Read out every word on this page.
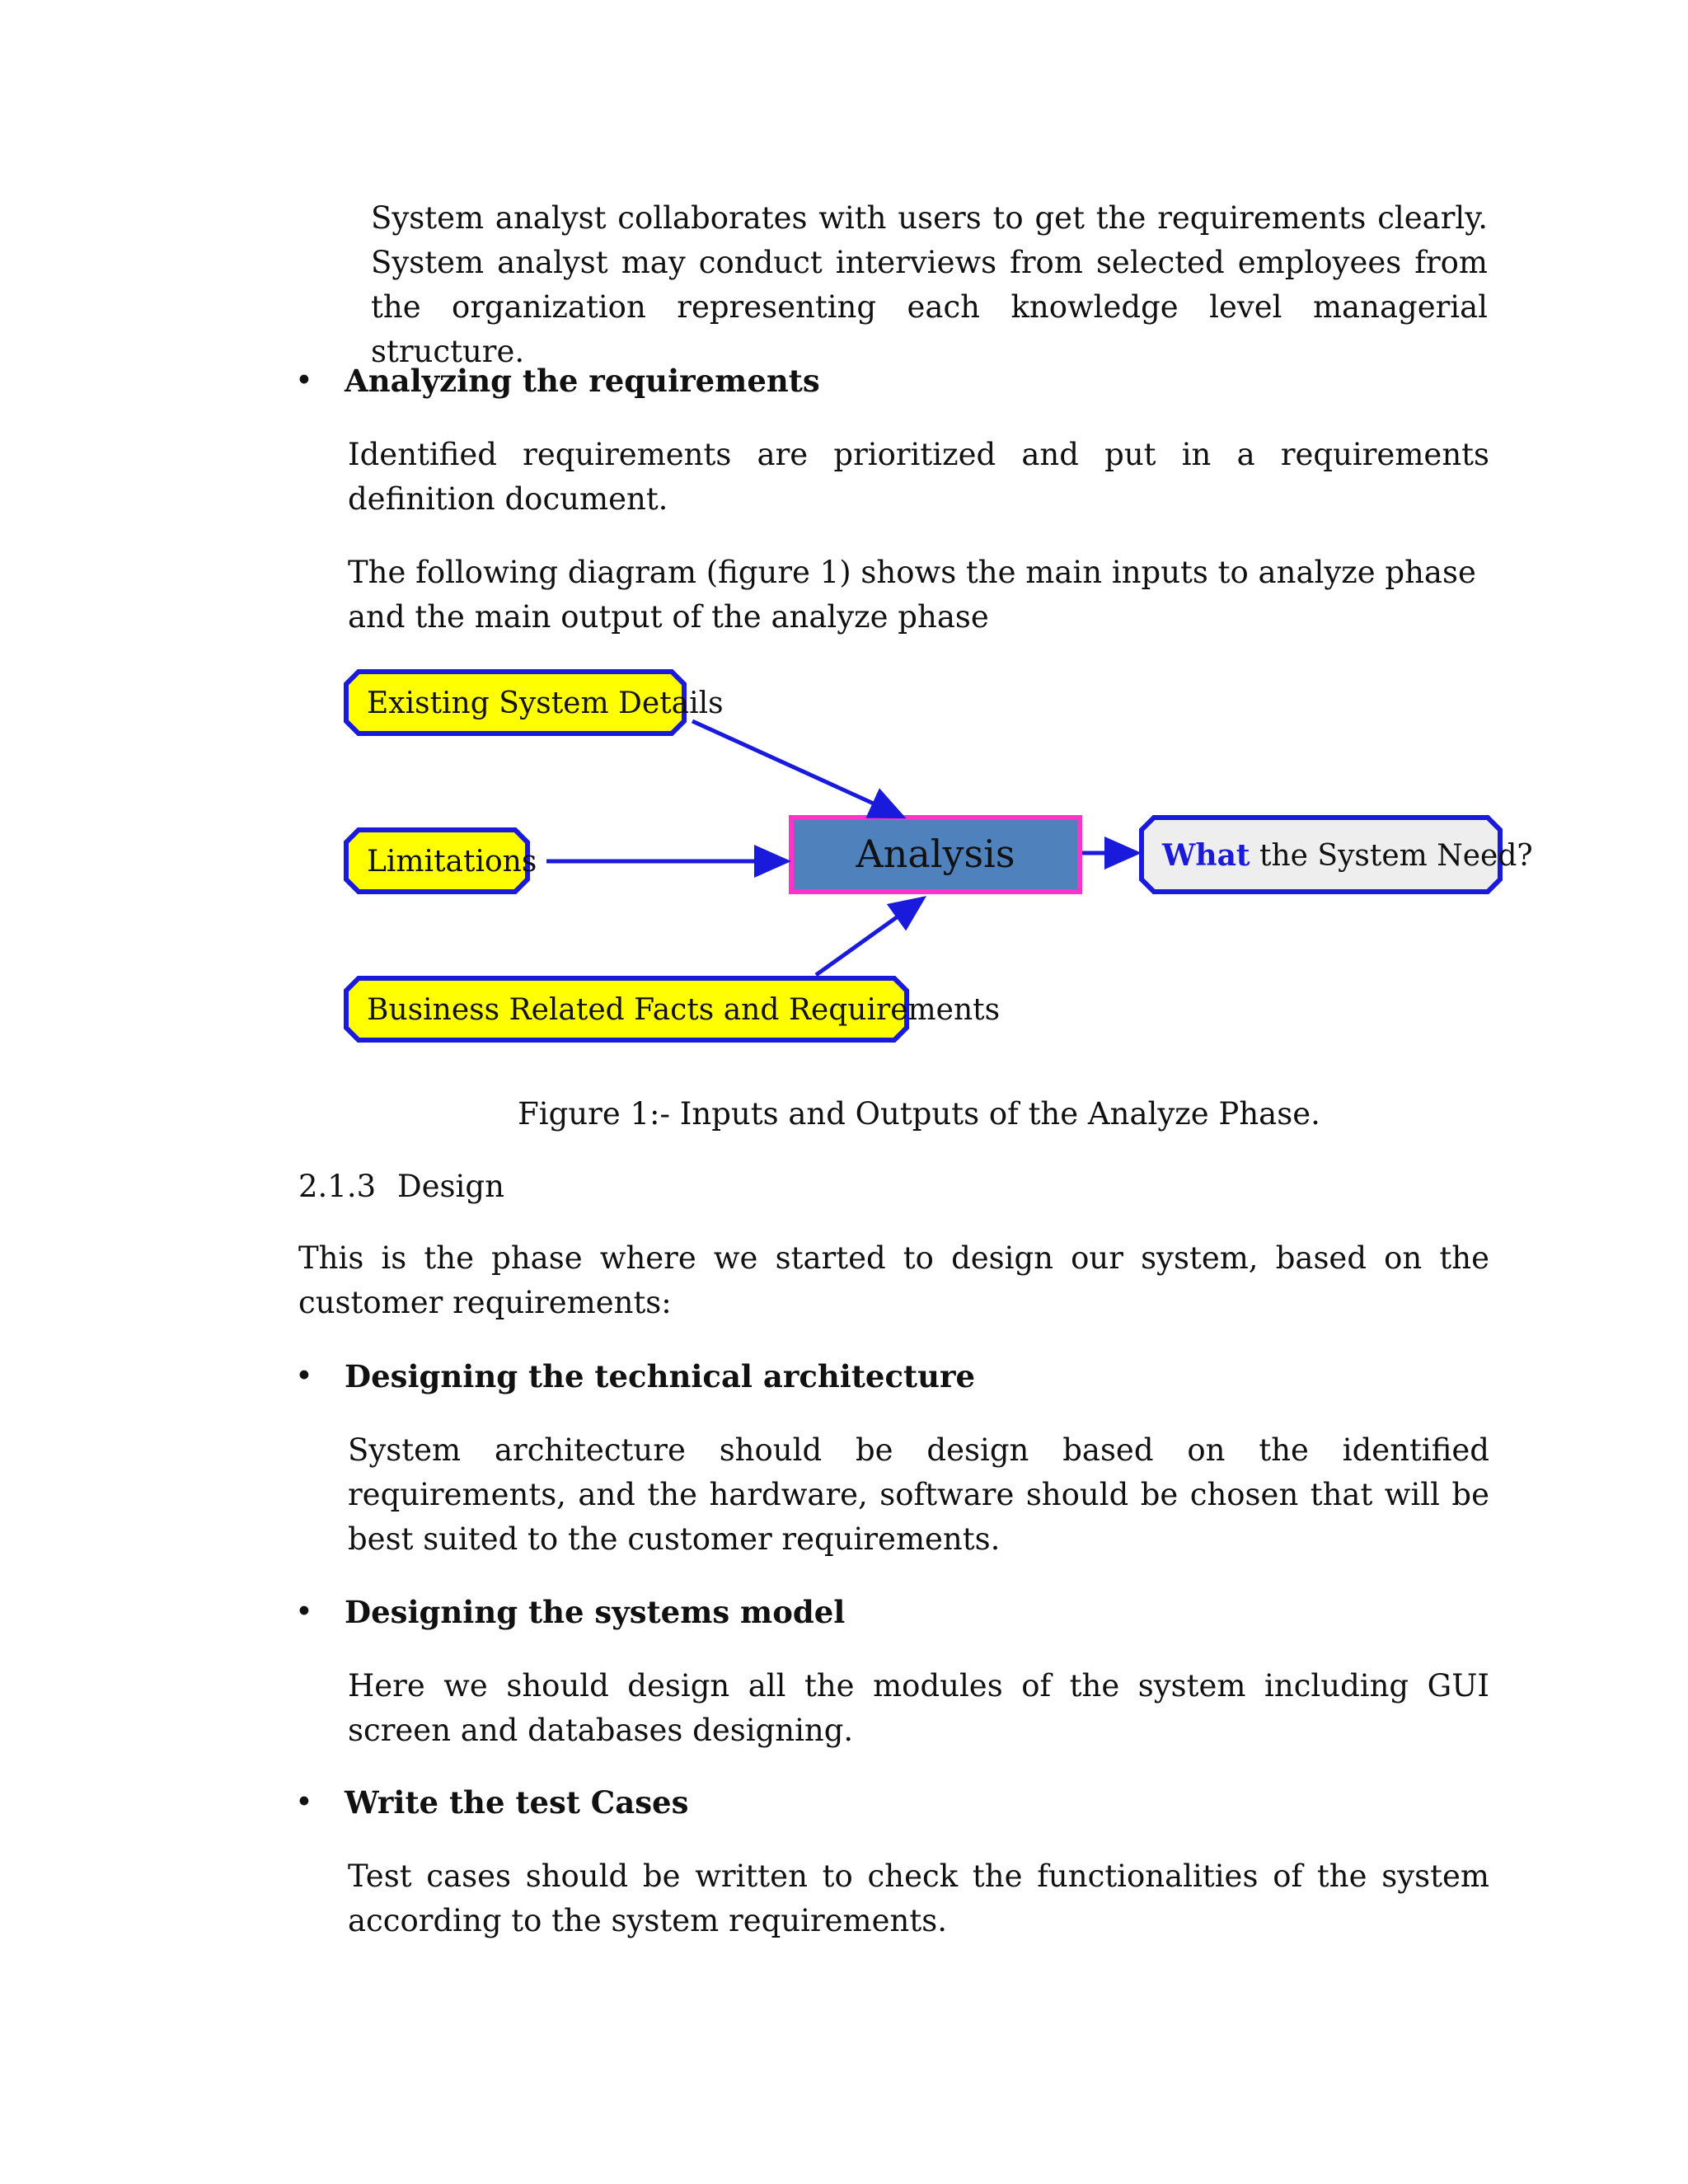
System analyst collaborates with users to get the requirements clearly. System analyst may conduct interviews from selected employees from the organization representing each knowledge level managerial structure.

• Analyzing the requirements

Identified requirements are prioritized and put in a requirements definition document.

The following diagram (figure 1) shows the main inputs to analyze phase and the main output of the analyze phase

Existing System Details
Limitations
Business Related Facts and Requirements
Analysis	What the System Need?
Figure 1:- Inputs and Outputs of the Analyze Phase.
2.1.3 Design

This is the phase where we started to design our system, based on the customer requirements:

• Designing the technical architecture

System architecture should be design based on the identified requirements, and the hardware, software should be chosen that will be best suited to the customer requirements.

• Designing the systems model

Here we should design all the modules of the system including GUI screen and databases designing.

• Write the test Cases

Test cases should be written to check the functionalities of the system according to the system requirements.
